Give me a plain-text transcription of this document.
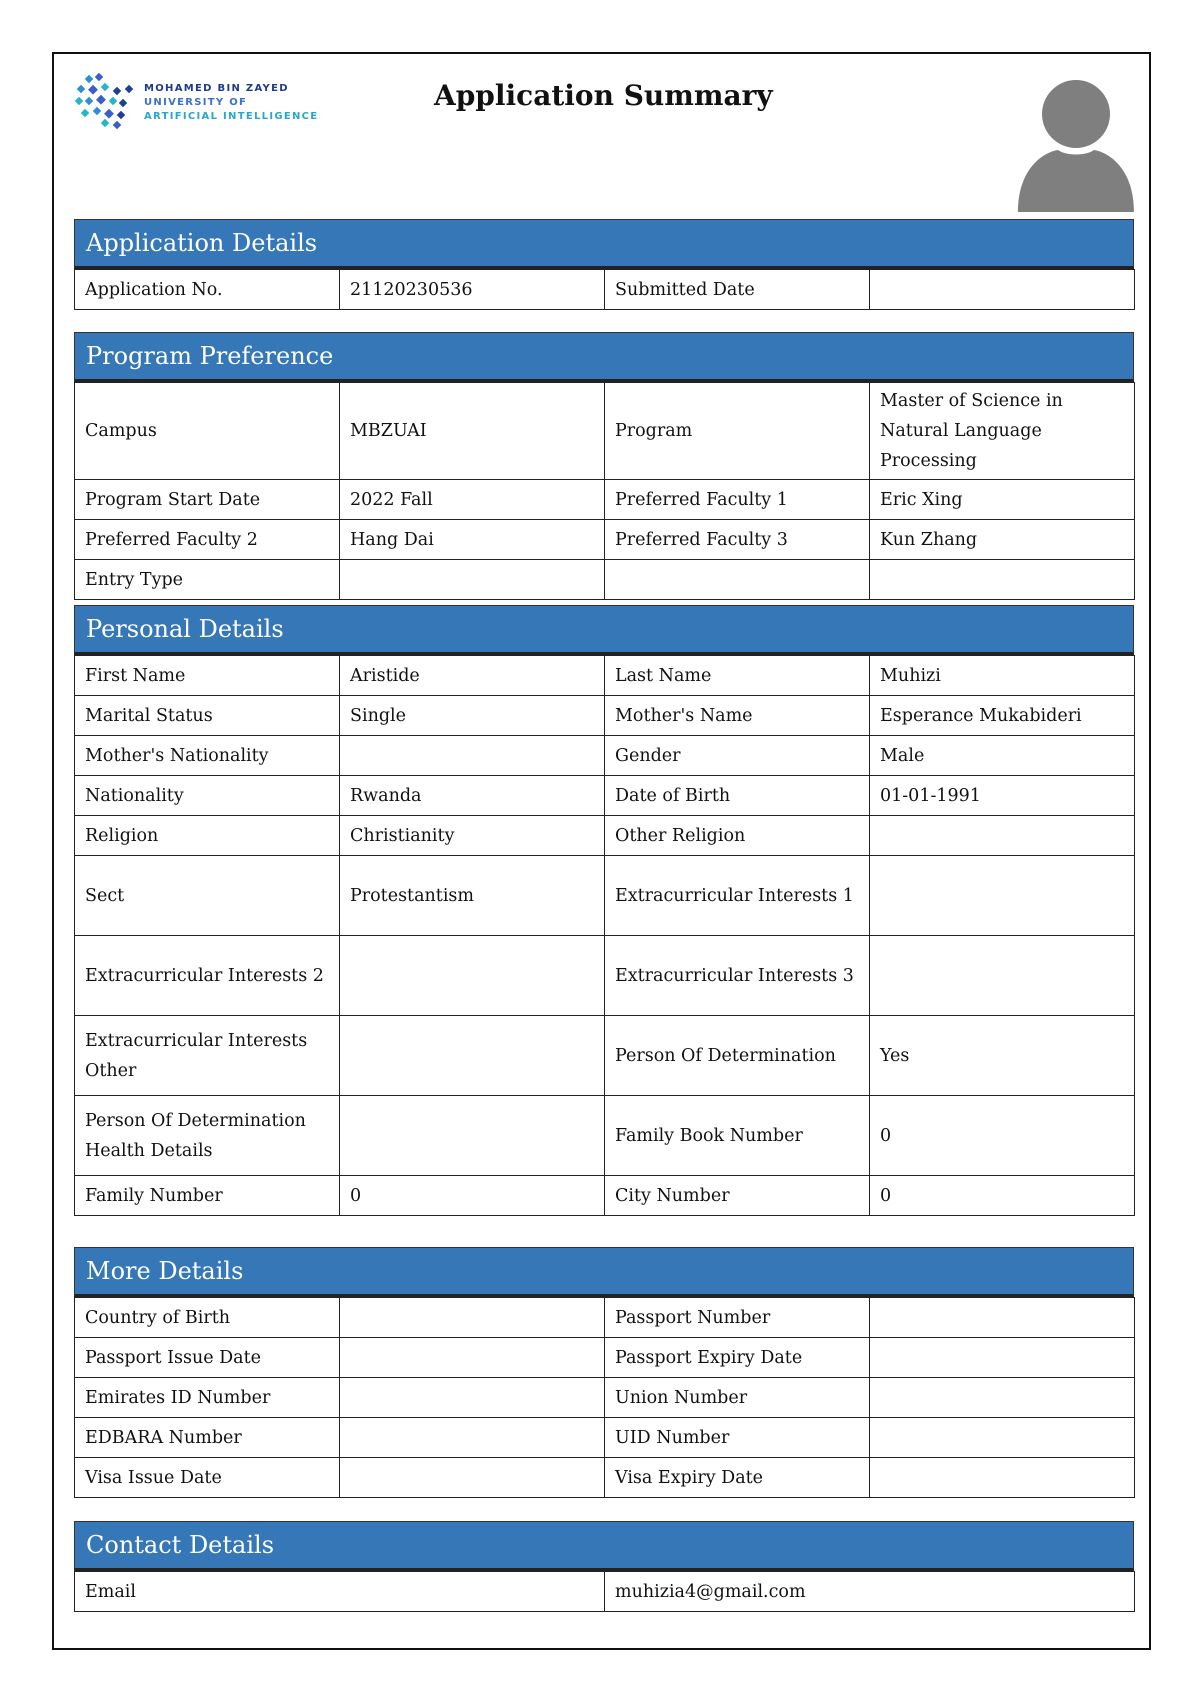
MOHAMED BIN ZAYED
UNIVERSITY OF
ARTIFICIAL INTELLIGENCE
Application Summary
Application Details
Application No.	21120230536	Submitted Date	
Program Preference
Campus	MBZUAI	Program	Master of Science in Natural Language Processing
Program Start Date	2022 Fall	Preferred Faculty 1	Eric Xing
Preferred Faculty 2	Hang Dai	Preferred Faculty 3	Kun Zhang
Entry Type			
Personal Details
First Name	Aristide	Last Name	Muhizi
Marital Status	Single	Mother's Name	Esperance Mukabideri
Mother's Nationality		Gender	Male
Nationality	Rwanda	Date of Birth	01-01-1991
Religion	Christianity	Other Religion	
Sect	Protestantism	Extracurricular Interests 1	
Extracurricular Interests 2		Extracurricular Interests 3	
Extracurricular Interests Other		Person Of Determination	Yes
Person Of Determination Health Details		Family Book Number	0
Family Number	0	City Number	0
More Details
Country of Birth		Passport Number	
Passport Issue Date		Passport Expiry Date	
Emirates ID Number		Union Number	
EDBARA Number		UID Number	
Visa Issue Date		Visa Expiry Date	
Contact Details
Email	muhizia4@gmail.com
